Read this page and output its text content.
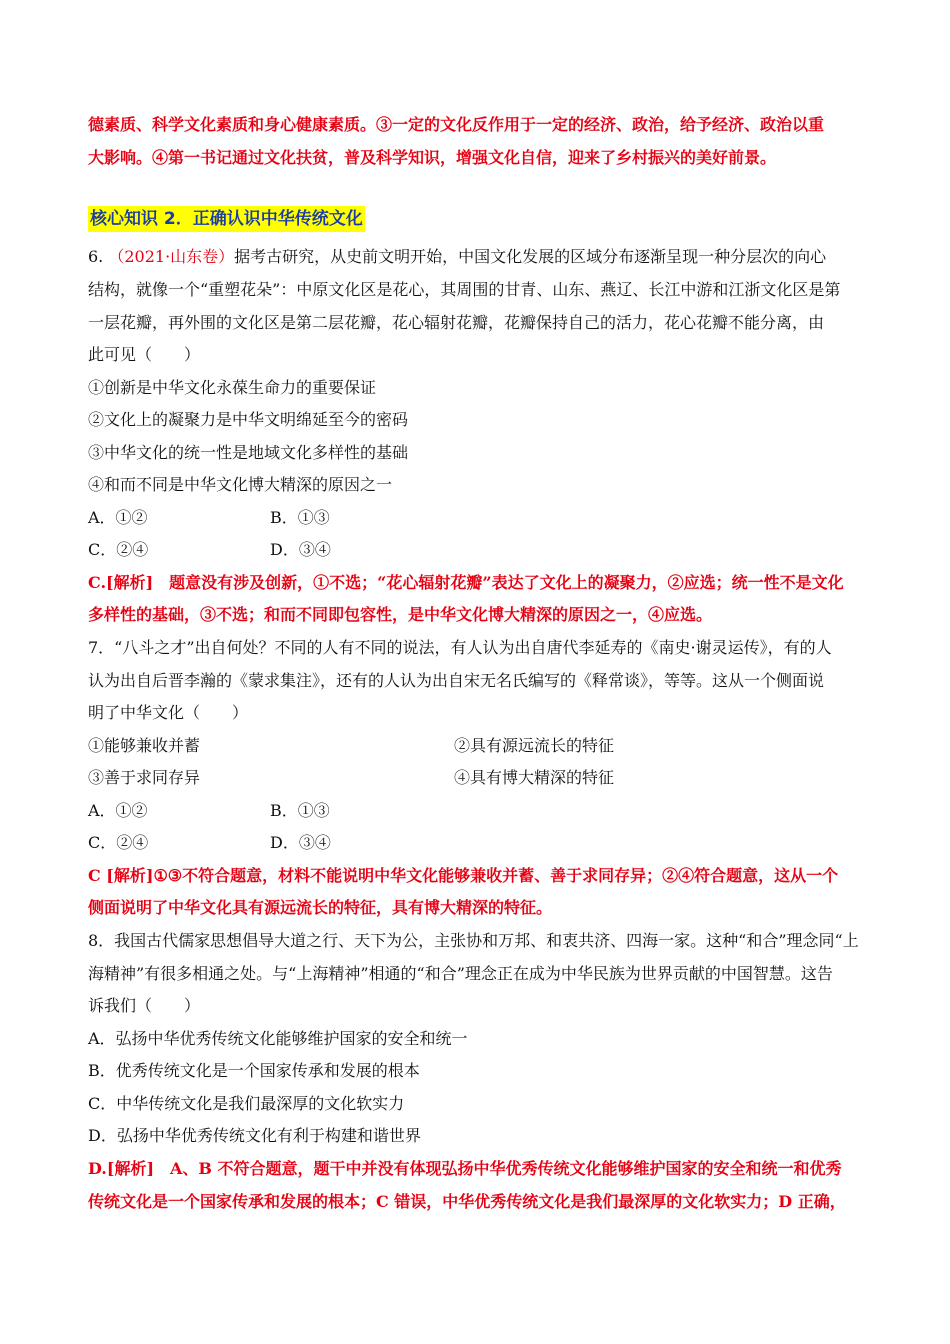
德素质、科学文化素质和身心健康素质。③一定的文化反作用于一定的经济、政治，给予经济、政治以重
大影响。④第一书记通过文化扶贫，普及科学知识，增强文化自信，迎来了乡村振兴的美好前景。
核心知识 2．正确认识中华传统文化
6. （2021·山东卷）据考古研究，从史前文明开始，中国文化发展的区域分布逐渐呈现一种分层次的向心
结构，就像一个“重塑花朵”：中原文化区是花心，其周围的甘青、山东、燕辽、长江中游和江浙文化区是第
一层花瓣，再外围的文化区是第二层花瓣，花心辐射花瓣，花瓣保持自己的活力，花心花瓣不能分离，由
此可见（　　）
①创新是中华文化永葆生命力的重要保证
②文化上的凝聚力是中华文明绵延至今的密码
③中华文化的统一性是地域文化多样性的基础
④和而不同是中华文化博大精深的原因之一
A．①②	B．①③
C．②④	D．③④
C.[解析]　题意没有涉及创新，①不选；“花心辐射花瓣”表达了文化上的凝聚力，②应选；统一性不是文化
多样性的基础，③不选；和而不同即包容性，是中华文化博大精深的原因之一，④应选。
7．“八斗之才”出自何处？不同的人有不同的说法，有人认为出自唐代李延寿的《南史·谢灵运传》，有的人
认为出自后晋李瀚的《蒙求集注》，还有的人认为出自宋无名氏编写的《释常谈》，等等。这从一个侧面说
明了中华文化（　　）
①能够兼收并蓄	②具有源远流长的特征
③善于求同存异	④具有博大精深的特征
A．①②	B．①③
C．②④	D．③④
C [解析]①③不符合题意，材料不能说明中华文化能够兼收并蓄、善于求同存异；②④符合题意，这从一个
侧面说明了中华文化具有源远流长的特征，具有博大精深的特征。
8．我国古代儒家思想倡导大道之行、天下为公，主张协和万邦、和衷共济、四海一家。这种“和合”理念同“上
海精神”有很多相通之处。与“上海精神”相通的“和合”理念正在成为中华民族为世界贡献的中国智慧。这告
诉我们（　　）
A．弘扬中华优秀传统文化能够维护国家的安全和统一
B．优秀传统文化是一个国家传承和发展的根本
C．中华传统文化是我们最深厚的文化软实力
D．弘扬中华优秀传统文化有利于构建和谐世界
D.[解析]　A、B 不符合题意，题干中并没有体现弘扬中华优秀传统文化能够维护国家的安全和统一和优秀
传统文化是一个国家传承和发展的根本；C 错误，中华优秀传统文化是我们最深厚的文化软实力；D 正确，
